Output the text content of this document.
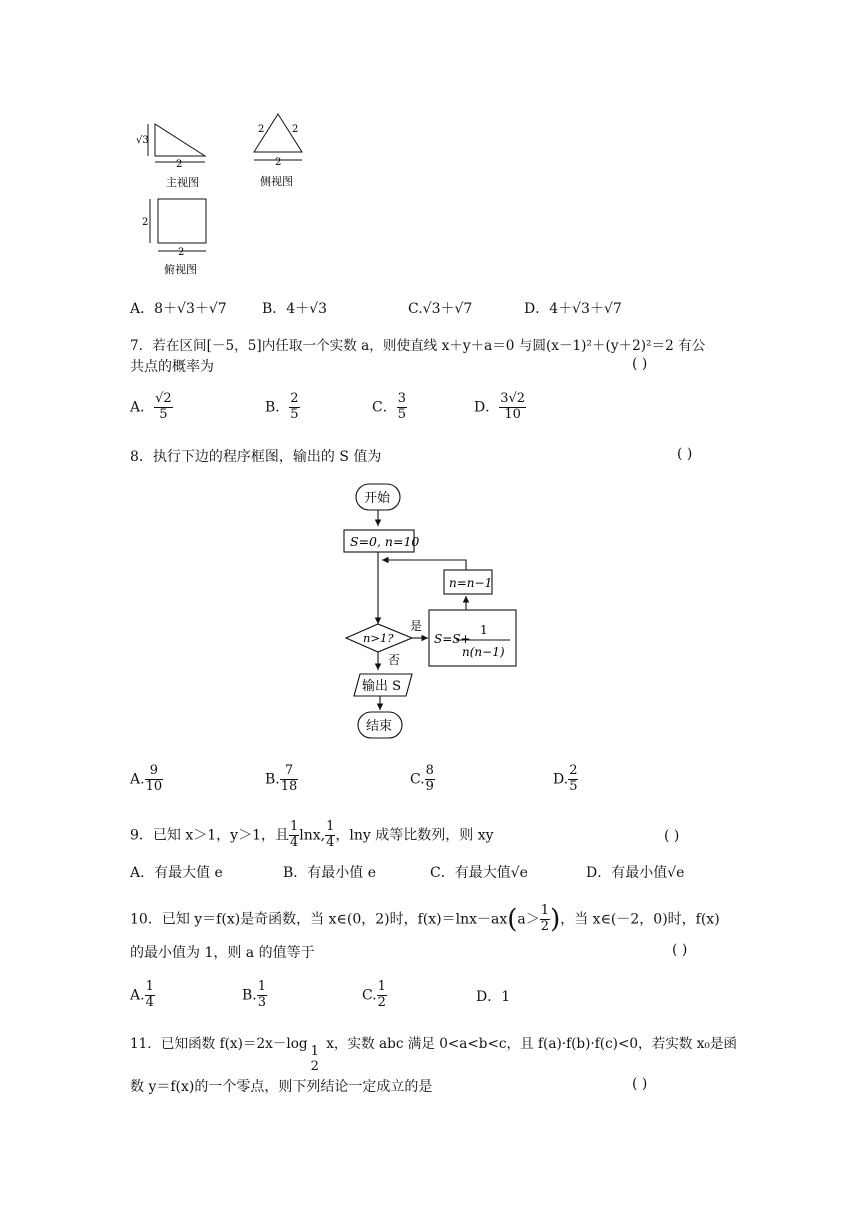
√3
2
主视图
2	2
2
侧视图
2
2
俯视图
A．8＋√3＋√7	B．4＋√3	C.√3＋√7	D．4＋√3＋√7
7．若在区间[－5，5]内任取一个实数 a，则使直线 x＋y＋a＝0 与圆(x－1)²＋(y＋2)²＝2 有公
共点的概率为	( )
A． $\frac{√2}{5}$	B． $\frac{2}{5}$	C． $\frac{3}{5}$	D． $\frac{3√2}{10}$
8．执行下边的程序框图，输出的 S 值为	( )
开始
S=0, n=10
n>1?
是
否
S=S+
1
n(n−1)
n=n−1
输出 S
结束
A. $\frac{9}{10}$	B. $\frac{7}{18}$	C. $\frac{8}{9}$	D. $\frac{2}{5}$
9．已知 x＞1，y＞1，且 $\frac{1}{4} \ln x$, $\frac{1}{4}$ ，lny 成等比数列，则 xy	( )
A．有最大值 e	B．有最小值 e	C．有最大值√e	D．有最小值√e
10．已知 y＝f(x)是奇函数，当 x∈(0，2)时，$f(x)=\ln x-ax(a> \frac{1}{2}$ )，当 x∈(－2，0)时，f(x)
的最小值为 1，则 a 的值等于	( )
A. $\frac{1}{4}$	B. $\frac{1}{3}$	C. $\frac{1}{2}$	D．1
11．已知函数 f(x)＝2x－log 1
2
x，实数 abc 满足 0<a<b<c，且 f(a)·f(b)·f(c)<0，若实数 x₀是函
数 y＝f(x)的一个零点，则下列结论一定成立的是	( )
